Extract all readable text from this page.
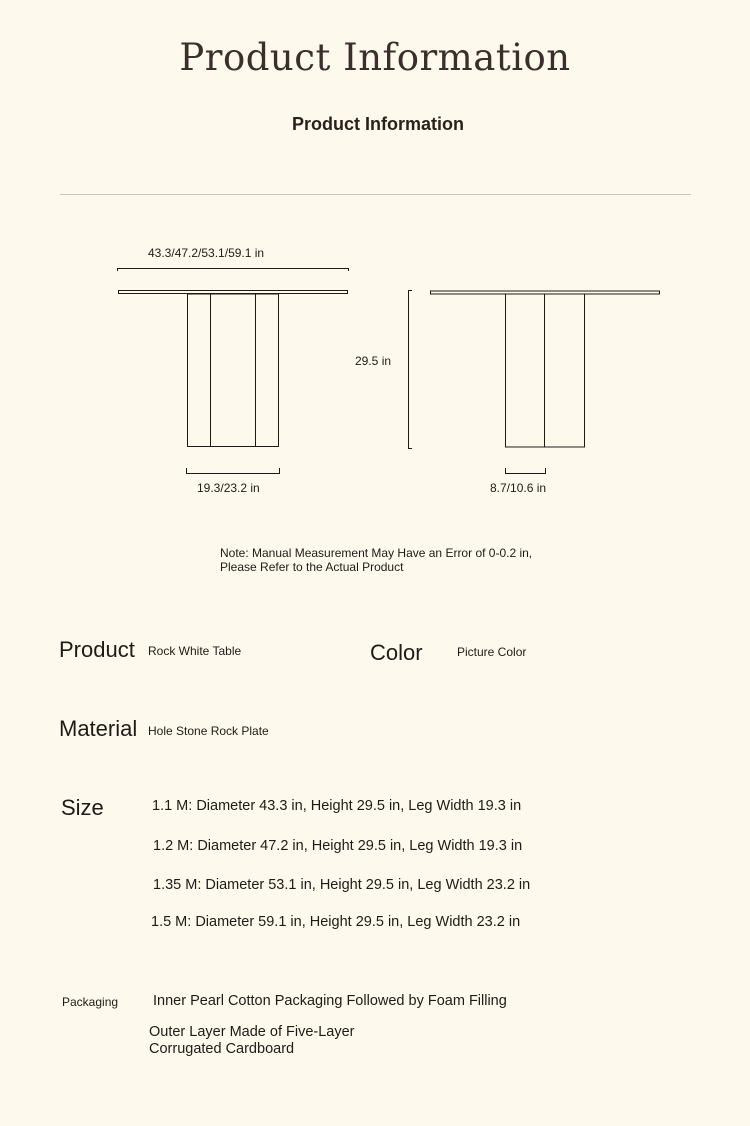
Product Information
Product Information
43.3/47.2/53.1/59.1 in
29.5 in
19.3/23.2 in	8.7/10.6 in
Note: Manual Measurement May Have an Error of 0-0.2 in,
Please Refer to the Actual Product
Product Rock White Table	Color	Picture Color
Material Hole Stone Rock Plate
Size	1.1 M: Diameter 43.3 in, Height 29.5 in, Leg Width 19.3 in
1.2 M: Diameter 47.2 in, Height 29.5 in, Leg Width 19.3 in
1.35 M: Diameter 53.1 in, Height 29.5 in, Leg Width 23.2 in
1.5 M: Diameter 59.1 in, Height 29.5 in, Leg Width 23.2 in
Packaging Inner Pearl Cotton Packaging Followed by Foam Filling
Outer Layer Made of Five-Layer
Corrugated Cardboard
